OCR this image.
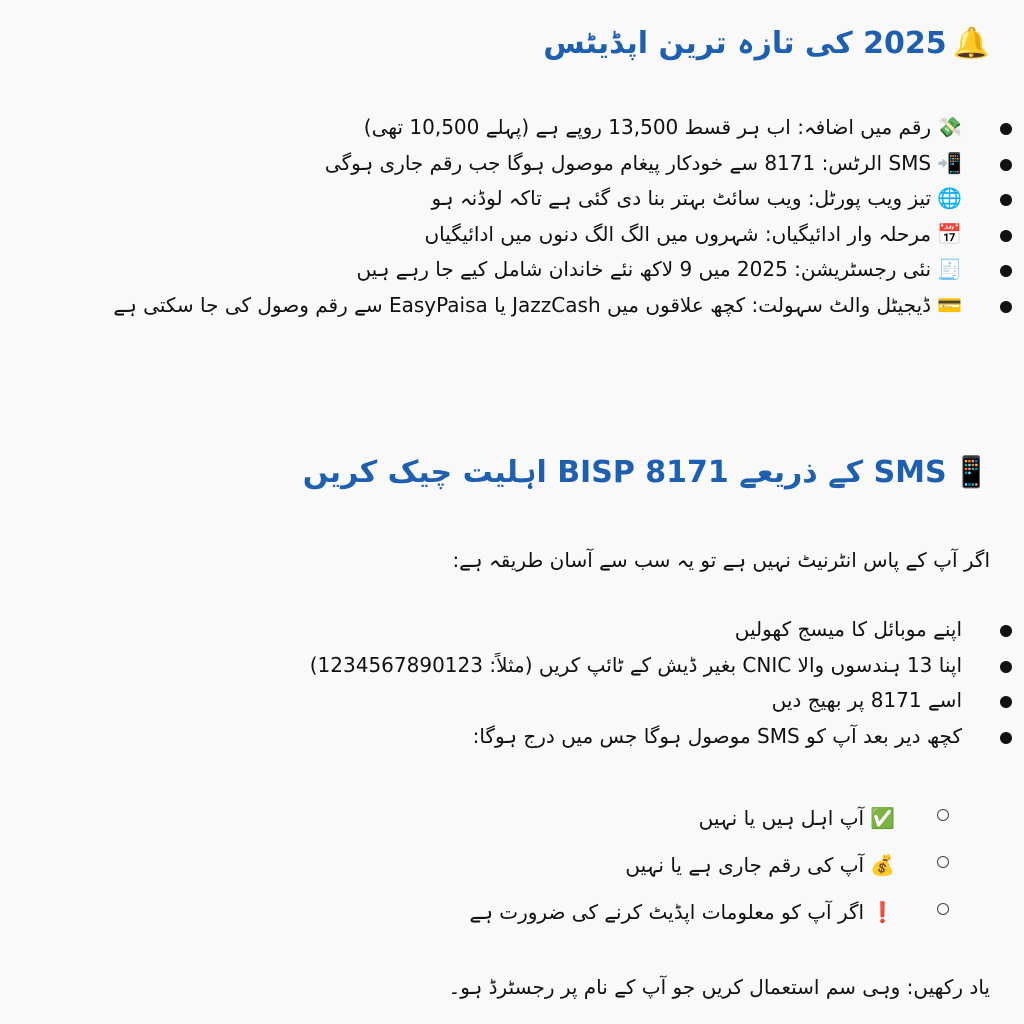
🔔2025 کی تازہ ترین اپڈیٹس
💸رقم میں اضافہ: اب ہر قسط 13,500 روپے ہے (پہلے 10,500 تھی)
📲SMS الرٹس: 8171 سے خودکار پیغام موصول ہوگا جب رقم جاری ہوگی
🌐تیز ویب پورٹل: ویب سائٹ بہتر بنا دی گئی ہے تاکہ لوڈنہ ہو
📅مرحلہ وار ادائیگیاں: شہروں میں الگ الگ دنوں میں ادائیگیاں
🧾نئی رجسٹریشن: 2025 میں 9 لاکھ نئے خاندان شامل کیے جا رہے ہیں
💳ڈیجیٹل والٹ سہولت: کچھ علاقوں میں JazzCash یا EasyPaisa سے رقم وصول کی جا سکتی ہے
📱SMS کے ذریعے BISP 8171 اہلیت چیک کریں

اگر آپ کے پاس انٹرنیٹ نہیں ہے تو یہ سب سے آسان طریقہ ہے:

اپنے موبائل کا میسج کھولیں
اپنا 13 ہندسوں والا CNIC بغیر ڈیش کے ٹائپ کریں (مثلاً: 1234567890123)
اسے 8171 پر بھیج دیں
کچھ دیر بعد آپ کو SMS موصول ہوگا جس میں درج ہوگا:
✅آپ اہل ہیں یا نہیں
💰آپ کی رقم جاری ہے یا نہیں
❗اگر آپ کو معلومات اپڈیٹ کرنے کی ضرورت ہے

یاد رکھیں: وہی سم استعمال کریں جو آپ کے نام پر رجسٹرڈ ہو۔
